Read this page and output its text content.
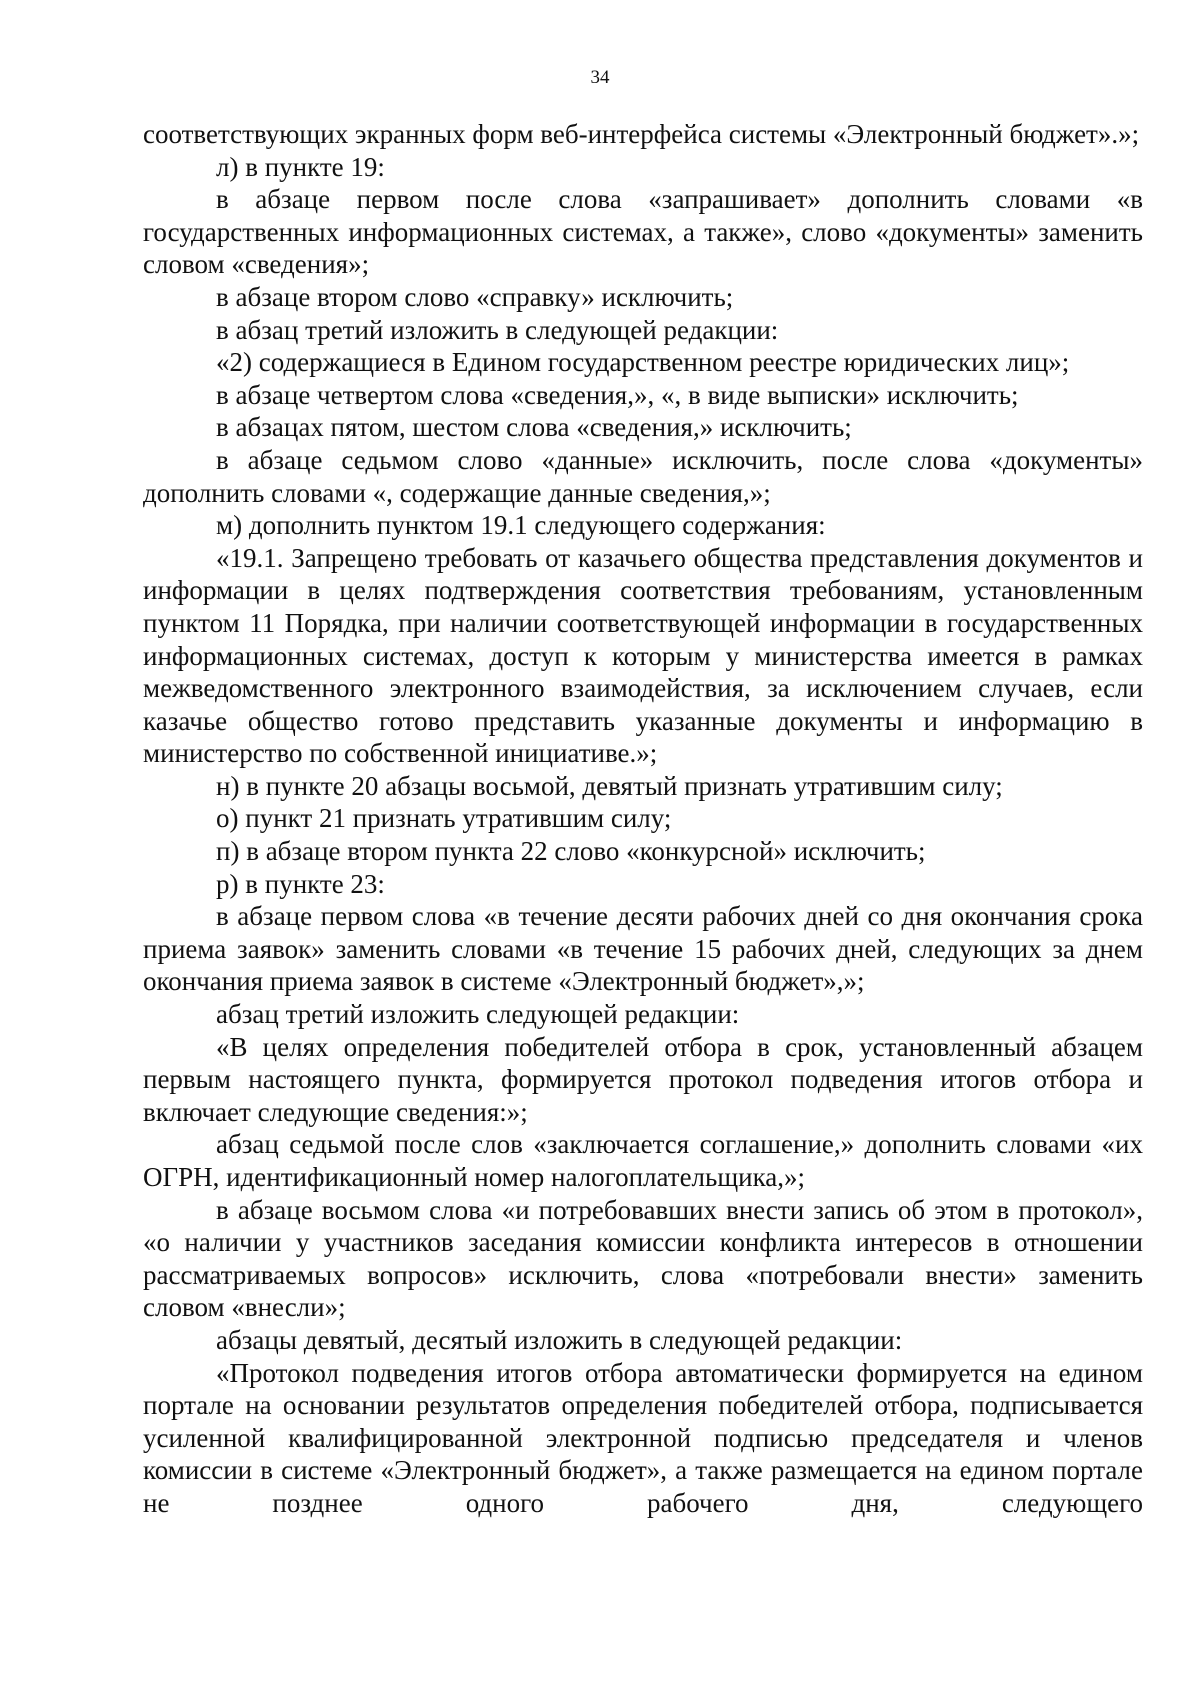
34

соответствующих экранных форм веб-интерфейса системы «Электронный бюджет».»;

л) в пункте 19:

в абзаце первом после слова «запрашивает» дополнить словами «в государственных информационных системах, а также», слово «документы» заменить словом «сведения»;

в абзаце втором слово «справку» исключить;

в абзац третий изложить в следующей редакции:

«2) содержащиеся в Едином государственном реестре юридических лиц»;

в абзаце четвертом слова «сведения,», «, в виде выписки» исключить;

в абзацах пятом, шестом слова «сведения,» исключить;

в абзаце седьмом слово «данные» исключить, после слова «документы» дополнить словами «, содержащие данные сведения,»;

м) дополнить пунктом 19.1 следующего содержания:

«19.1. Запрещено требовать от казачьего общества представления документов и информации в целях подтверждения соответствия требованиям, установленным пунктом 11 Порядка, при наличии соответствующей информации в государственных информационных системах, доступ к которым у министерства имеется в рамках межведомственного электронного взаимодействия, за исключением случаев, если казачье общество готово представить указанные документы и информацию в министерство по собственной инициативе.»;

н) в пункте 20 абзацы восьмой, девятый признать утратившим силу;

о) пункт 21 признать утратившим силу;

п) в абзаце втором пункта 22 слово «конкурсной» исключить;

р) в пункте 23:

в абзаце первом слова «в течение десяти рабочих дней со дня окончания срока приема заявок» заменить словами «в течение 15 рабочих дней, следующих за днем окончания приема заявок в системе «Электронный бюджет»,»;

абзац третий изложить следующей редакции:

«В целях определения победителей отбора в срок, установленный абзацем первым настоящего пункта, формируется протокол подведения итогов отбора и включает следующие сведения:»;

абзац седьмой после слов «заключается соглашение,» дополнить словами «их ОГРН, идентификационный номер налогоплательщика,»;

в абзаце восьмом слова «и потребовавших внести запись об этом в протокол», «о наличии у участников заседания комиссии конфликта интересов в отношении рассматриваемых вопросов» исключить, слова «потребовали внести» заменить словом «внесли»;

абзацы девятый, десятый изложить в следующей редакции:

«Протокол подведения итогов отбора автоматически формируется на едином портале на основании результатов определения победителей отбора, подписывается усиленной квалифицированной электронной подписью председателя и членов комиссии в системе «Электронный бюджет», а также размещается на едином портале не позднее одного рабочего дня, следующего
